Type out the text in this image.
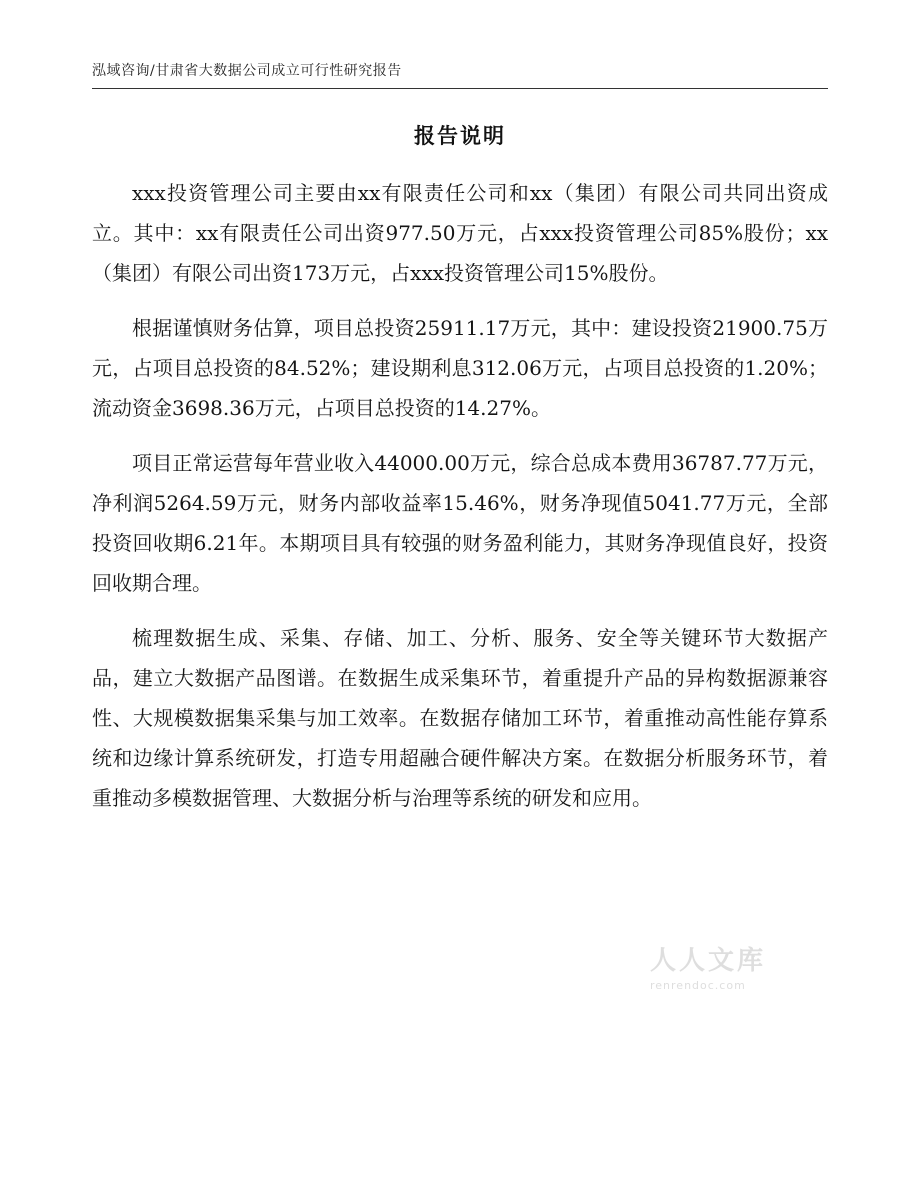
泓域咨询/甘肃省大数据公司成立可行性研究报告
报告说明

xxx投资管理公司主要由xx有限责任公司和xx（集团）有限公司共同出资成立。其中：xx有限责任公司出资977.50万元，占xxx投资管理公司85%股份；xx（集团）有限公司出资173万元，占xxx投资管理公司15%股份。

根据谨慎财务估算，项目总投资25911.17万元，其中：建设投资21900.75万元，占项目总投资的84.52%；建设期利息312.06万元，占项目总投资的1.20%；流动资金3698.36万元，占项目总投资的14.27%。

项目正常运营每年营业收入44000.00万元，综合总成本费用36787.77万元，净利润5264.59万元，财务内部收益率15.46%，财务净现值5041.77万元，全部投资回收期6.21年。本期项目具有较强的财务盈利能力，其财务净现值良好，投资回收期合理。

梳理数据生成、采集、存储、加工、分析、服务、安全等关键环节大数据产品，建立大数据产品图谱。在数据生成采集环节，着重提升产品的异构数据源兼容性、大规模数据集采集与加工效率。在数据存储加工环节，着重推动高性能存算系统和边缘计算系统研发，打造专用超融合硬件解决方案。在数据分析服务环节，着重推动多模数据管理、大数据分析与治理等系统的研发和应用。

人人文库
renrendoc.com
